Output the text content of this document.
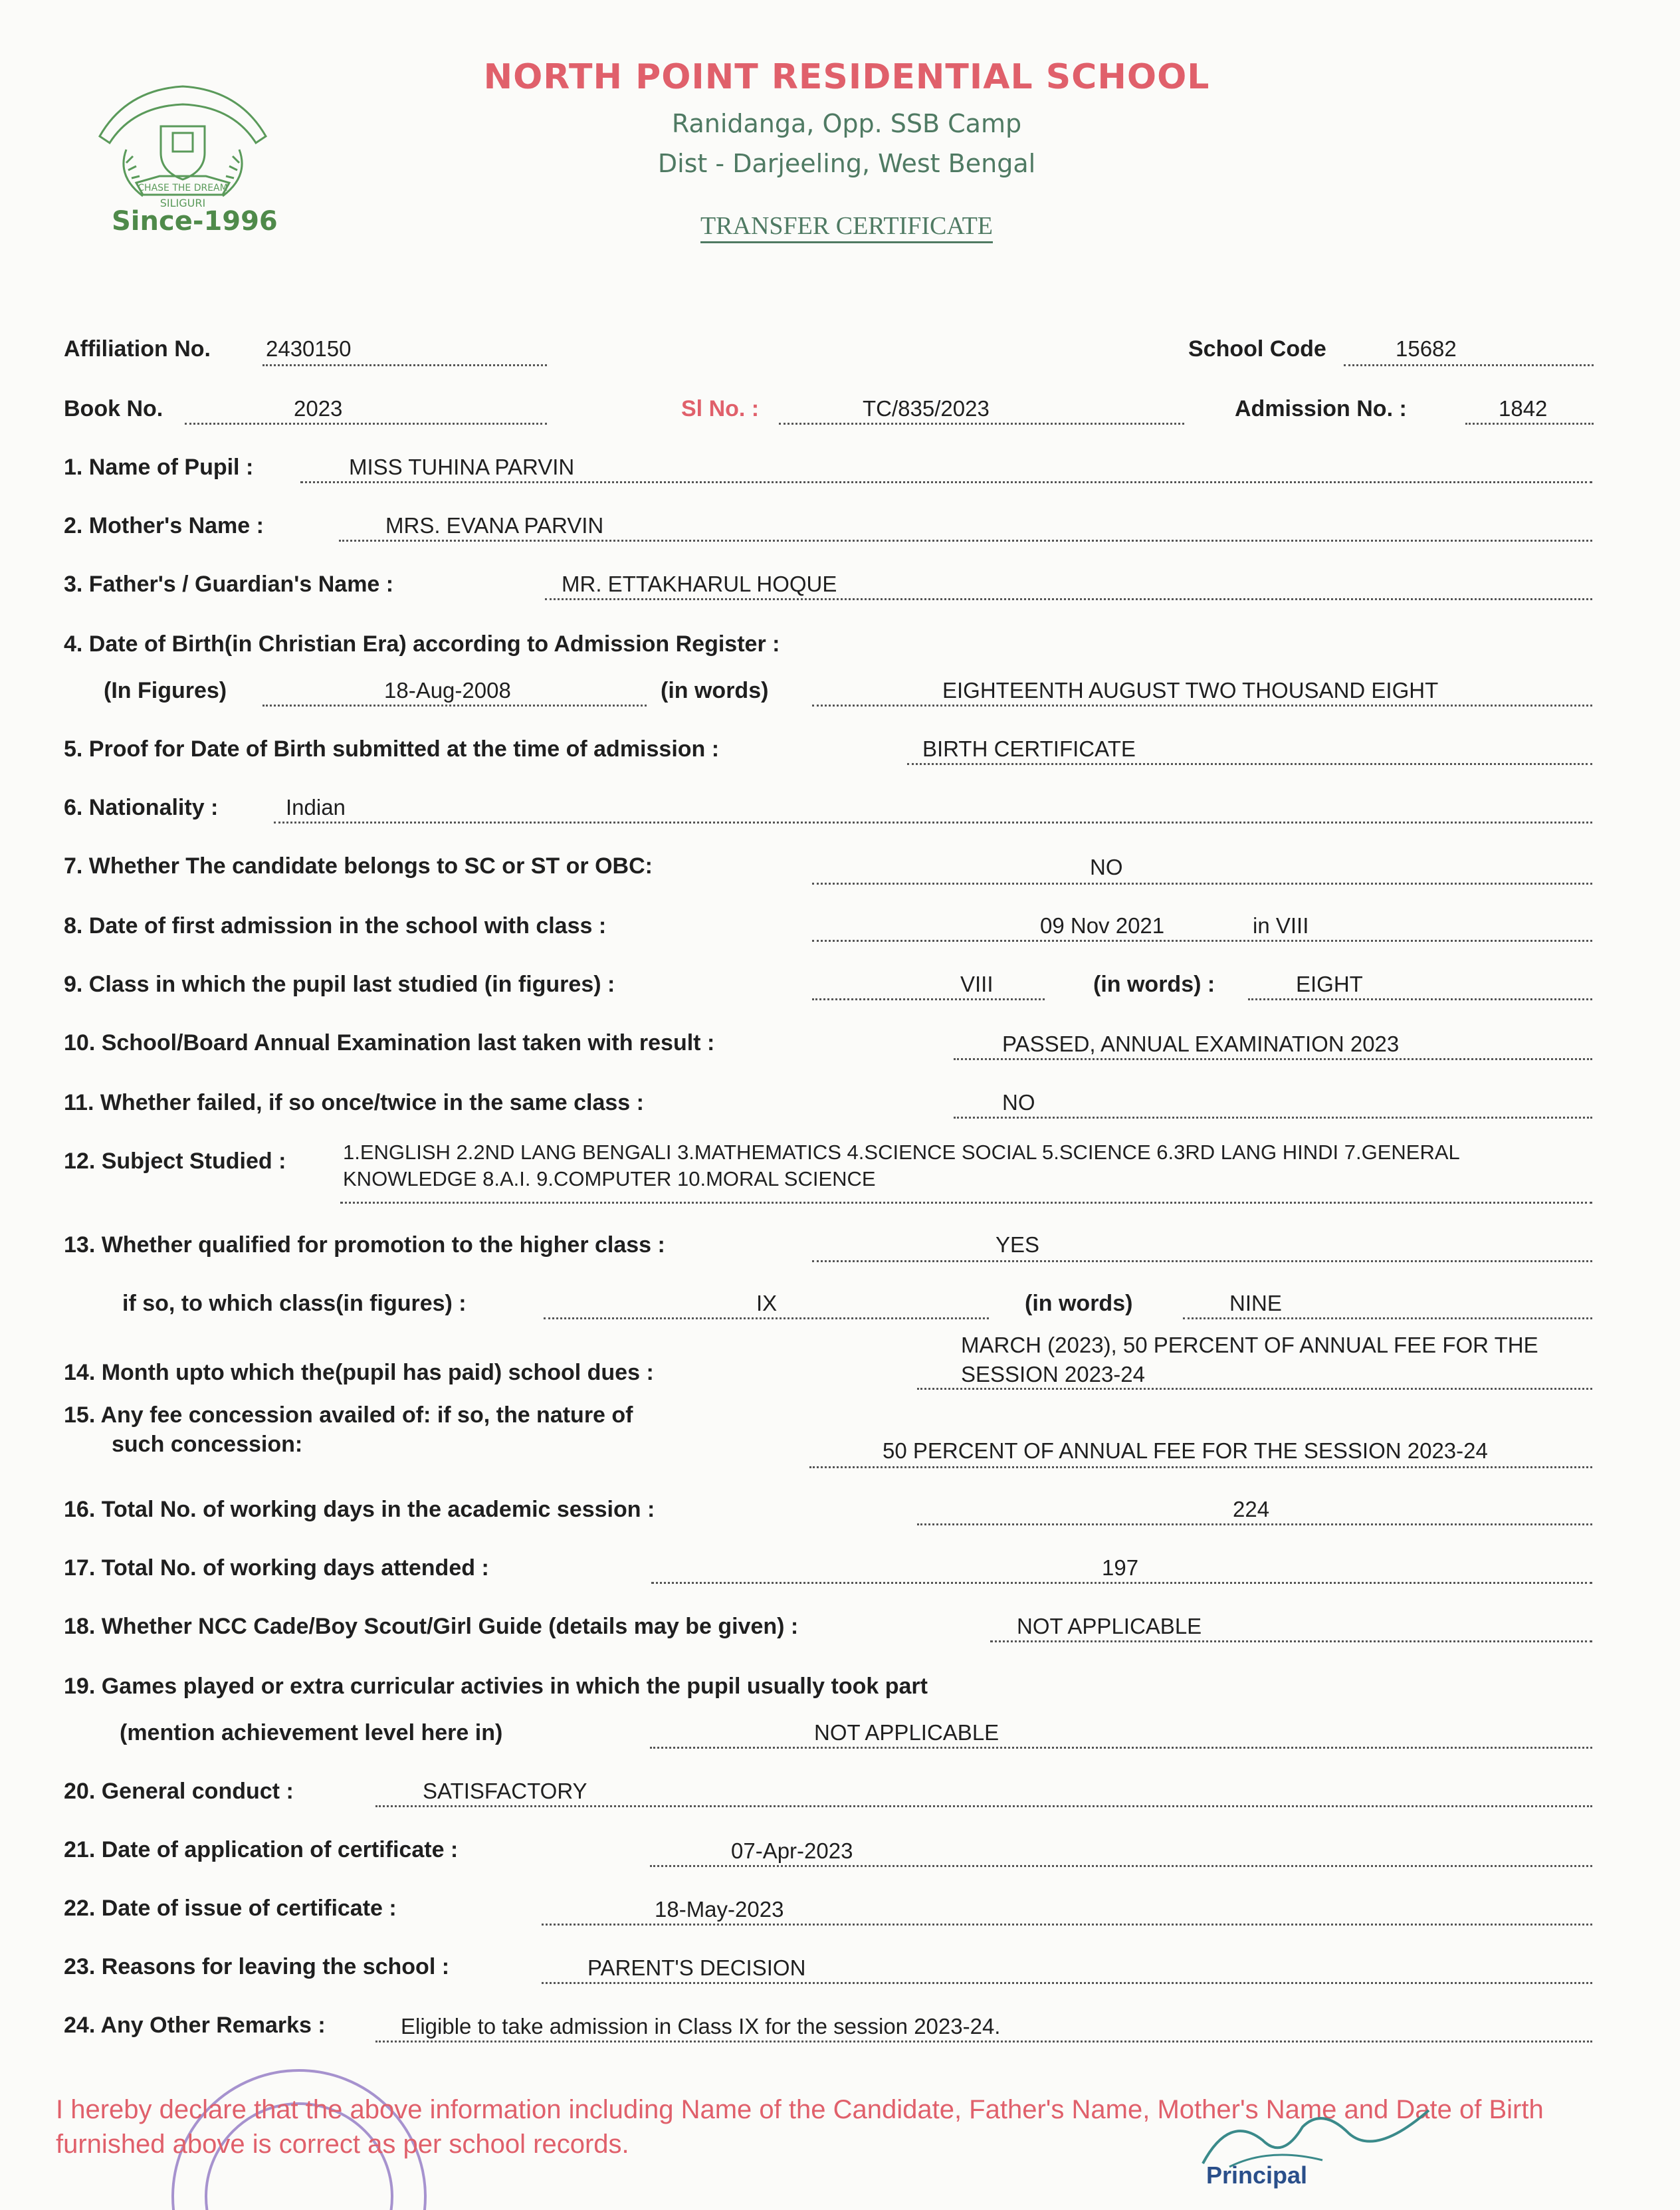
CHASE THE DREAM
SILIGURI
Since-1996
NORTH POINT RESIDENTIAL SCHOOL
Ranidanga, Opp. SSB Camp
Dist - Darjeeling, West Bengal
TRANSFER CERTIFICATE
Affiliation No.	2430150	School Code	15682
Book No.	2023	Sl No. :	TC/835/2023	Admission No. :	1842
1. Name of Pupil :	MISS TUHINA PARVIN
2. Mother's Name :	MRS. EVANA PARVIN
3. Father's / Guardian's Name :	MR. ETTAKHARUL HOQUE
4. Date of Birth(in Christian Era) according to Admission Register :
(In Figures)	18-Aug-2008	(in words)	EIGHTEENTH AUGUST TWO THOUSAND EIGHT
5. Proof for Date of Birth submitted at the time of admission :	BIRTH CERTIFICATE
6. Nationality :	Indian
7. Whether The candidate belongs to SC or ST or OBC:	NO
8. Date of first admission in the school with class :	09 Nov 2021	in VIII
9. Class in which the pupil last studied (in figures) :	VIII	(in words) :	EIGHT
10. School/Board Annual Examination last taken with result :	PASSED, ANNUAL EXAMINATION 2023
11. Whether failed, if so once/twice in the same class :	NO
12. Subject Studied :	1.ENGLISH 2.2ND LANG BENGALI 3.MATHEMATICS 4.SCIENCE SOCIAL 5.SCIENCE 6.3RD LANG HINDI 7.GENERAL KNOWLEDGE 8.A.I. 9.COMPUTER 10.MORAL SCIENCE
13. Whether qualified for promotion to the higher class :	YES
if so, to which class(in figures) :	IX	(in words)	NINE
14. Month upto which the(pupil has paid) school dues :
MARCH (2023), 50 PERCENT OF ANNUAL FEE FOR THE SESSION 2023-24
15. Any fee concession availed of: if so, the nature of
such concession:	50 PERCENT OF ANNUAL FEE FOR THE SESSION 2023-24
16. Total No. of working days in the academic session :	224
17. Total No. of working days attended :	197
18. Whether NCC Cade/Boy Scout/Girl Guide (details may be given) :	NOT APPLICABLE
19. Games played or extra curricular activies in which the pupil usually took part
(mention achievement level here in)	NOT APPLICABLE
20. General conduct :	SATISFACTORY
21. Date of application of certificate :	07-Apr-2023
22. Date of issue of certificate :	18-May-2023
23. Reasons for leaving the school :	PARENT'S DECISION
24. Any Other Remarks :	Eligible to take admission in Class IX for the session 2023-24.
I hereby declare that the above information including Name of the Candidate, Father's Name, Mother's Name and Date of Birth furnished above is correct as per school records.
Principal
